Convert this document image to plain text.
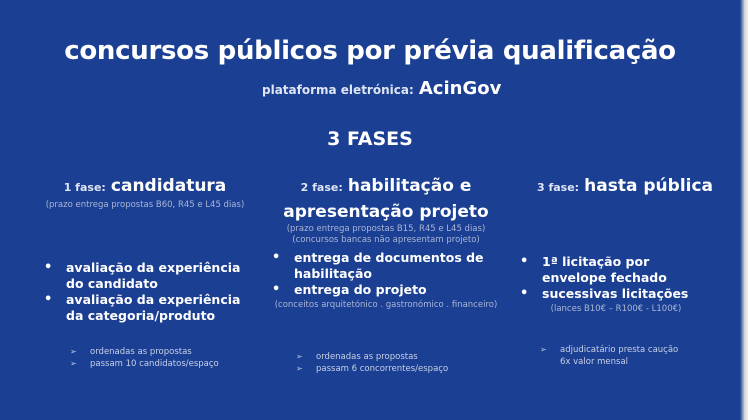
concursos públicos por prévia qualificação
plataforma eletrónica: AcinGov
3 FASES
1 fase: candidatura
(prazo entrega propostas B60, R45 e L45 dias)
• avaliação da experiência do candidato
• avaliação da experiência da categoria/produto
➢ ordenadas as propostas
➢ passam 10 candidatos/espaço
2 fase: habilitação e apresentação projeto
(prazo entrega propostas B15, R45 e L45 dias)
(concursos bancas não apresentam projeto)
• entrega de documentos de habilitação
• entrega do projeto
(conceitos arquitetónico . gastronómico . financeiro)
➢ ordenadas as propostas
➢ passam 6 concorrentes/espaço
3 fase: hasta pública
• 1ª licitação por envelope fechado
• sucessivas licitações
(lances B10€ – R100€ - L100€)
➢ adjudicatário presta caução 6x valor mensal
